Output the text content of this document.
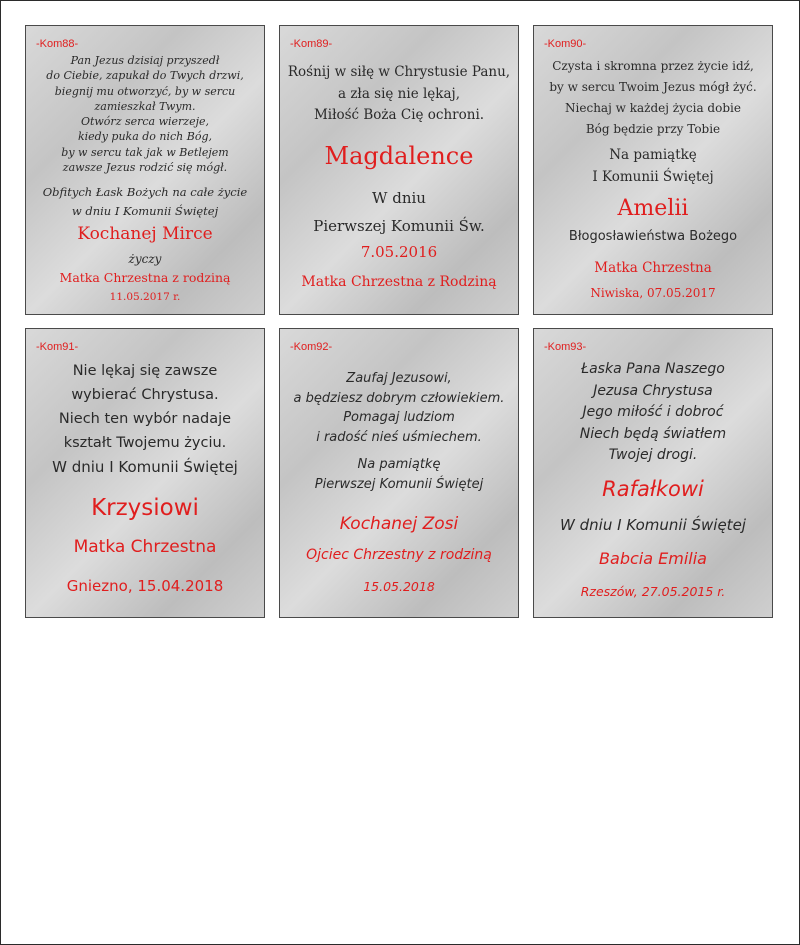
-Kom88-
Pan Jezus dzisiaj przyszedł
do Ciebie, zapukał do Twych drzwi,
biegnij mu otworzyć, by w sercu
zamieszkał Twym.
Otwórz serca wierzeje,
kiedy puka do nich Bóg,
by w sercu tak jak w Betlejem
zawsze Jezus rodzić się mógł.
Obfitych Łask Bożych na całe życie
w dniu I Komunii Świętej
Kochanej Mirce
życzy
Matka Chrzestna z rodziną
11.05.2017 r.
-Kom89-
Rośnij w siłę w Chrystusie Panu,
a zła się nie lękaj,
Miłość Boża Cię ochroni.
Magdalence
W dniu
Pierwszej Komunii Św.
7.05.2016
Matka Chrzestna z Rodziną
-Kom90-
Czysta i skromna przez życie idź,
by w sercu Twoim Jezus mógł żyć.
Niechaj w każdej życia dobie
Bóg będzie przy Tobie
Na pamiątkę
I Komunii Świętej
Amelii
Błogosławieństwa Bożego
Matka Chrzestna
Niwiska, 07.05.2017
-Kom91-
Nie lękaj się zawsze
wybierać Chrystusa.
Niech ten wybór nadaje
kształt Twojemu życiu.
W dniu I Komunii Świętej
Krzysiowi
Matka Chrzestna
Gniezno, 15.04.2018
-Kom92-
Zaufaj Jezusowi,
a będziesz dobrym człowiekiem.
Pomagaj ludziom
i radość nieś uśmiechem.
Na pamiątkę
Pierwszej Komunii Świętej
Kochanej Zosi
Ojciec Chrzestny z rodziną
15.05.2018
-Kom93-
Łaska Pana Naszego
Jezusa Chrystusa
Jego miłość i dobroć
Niech będą światłem
Twojej drogi.
Rafałkowi
W dniu I Komunii Świętej
Babcia Emilia
Rzeszów, 27.05.2015 r.
